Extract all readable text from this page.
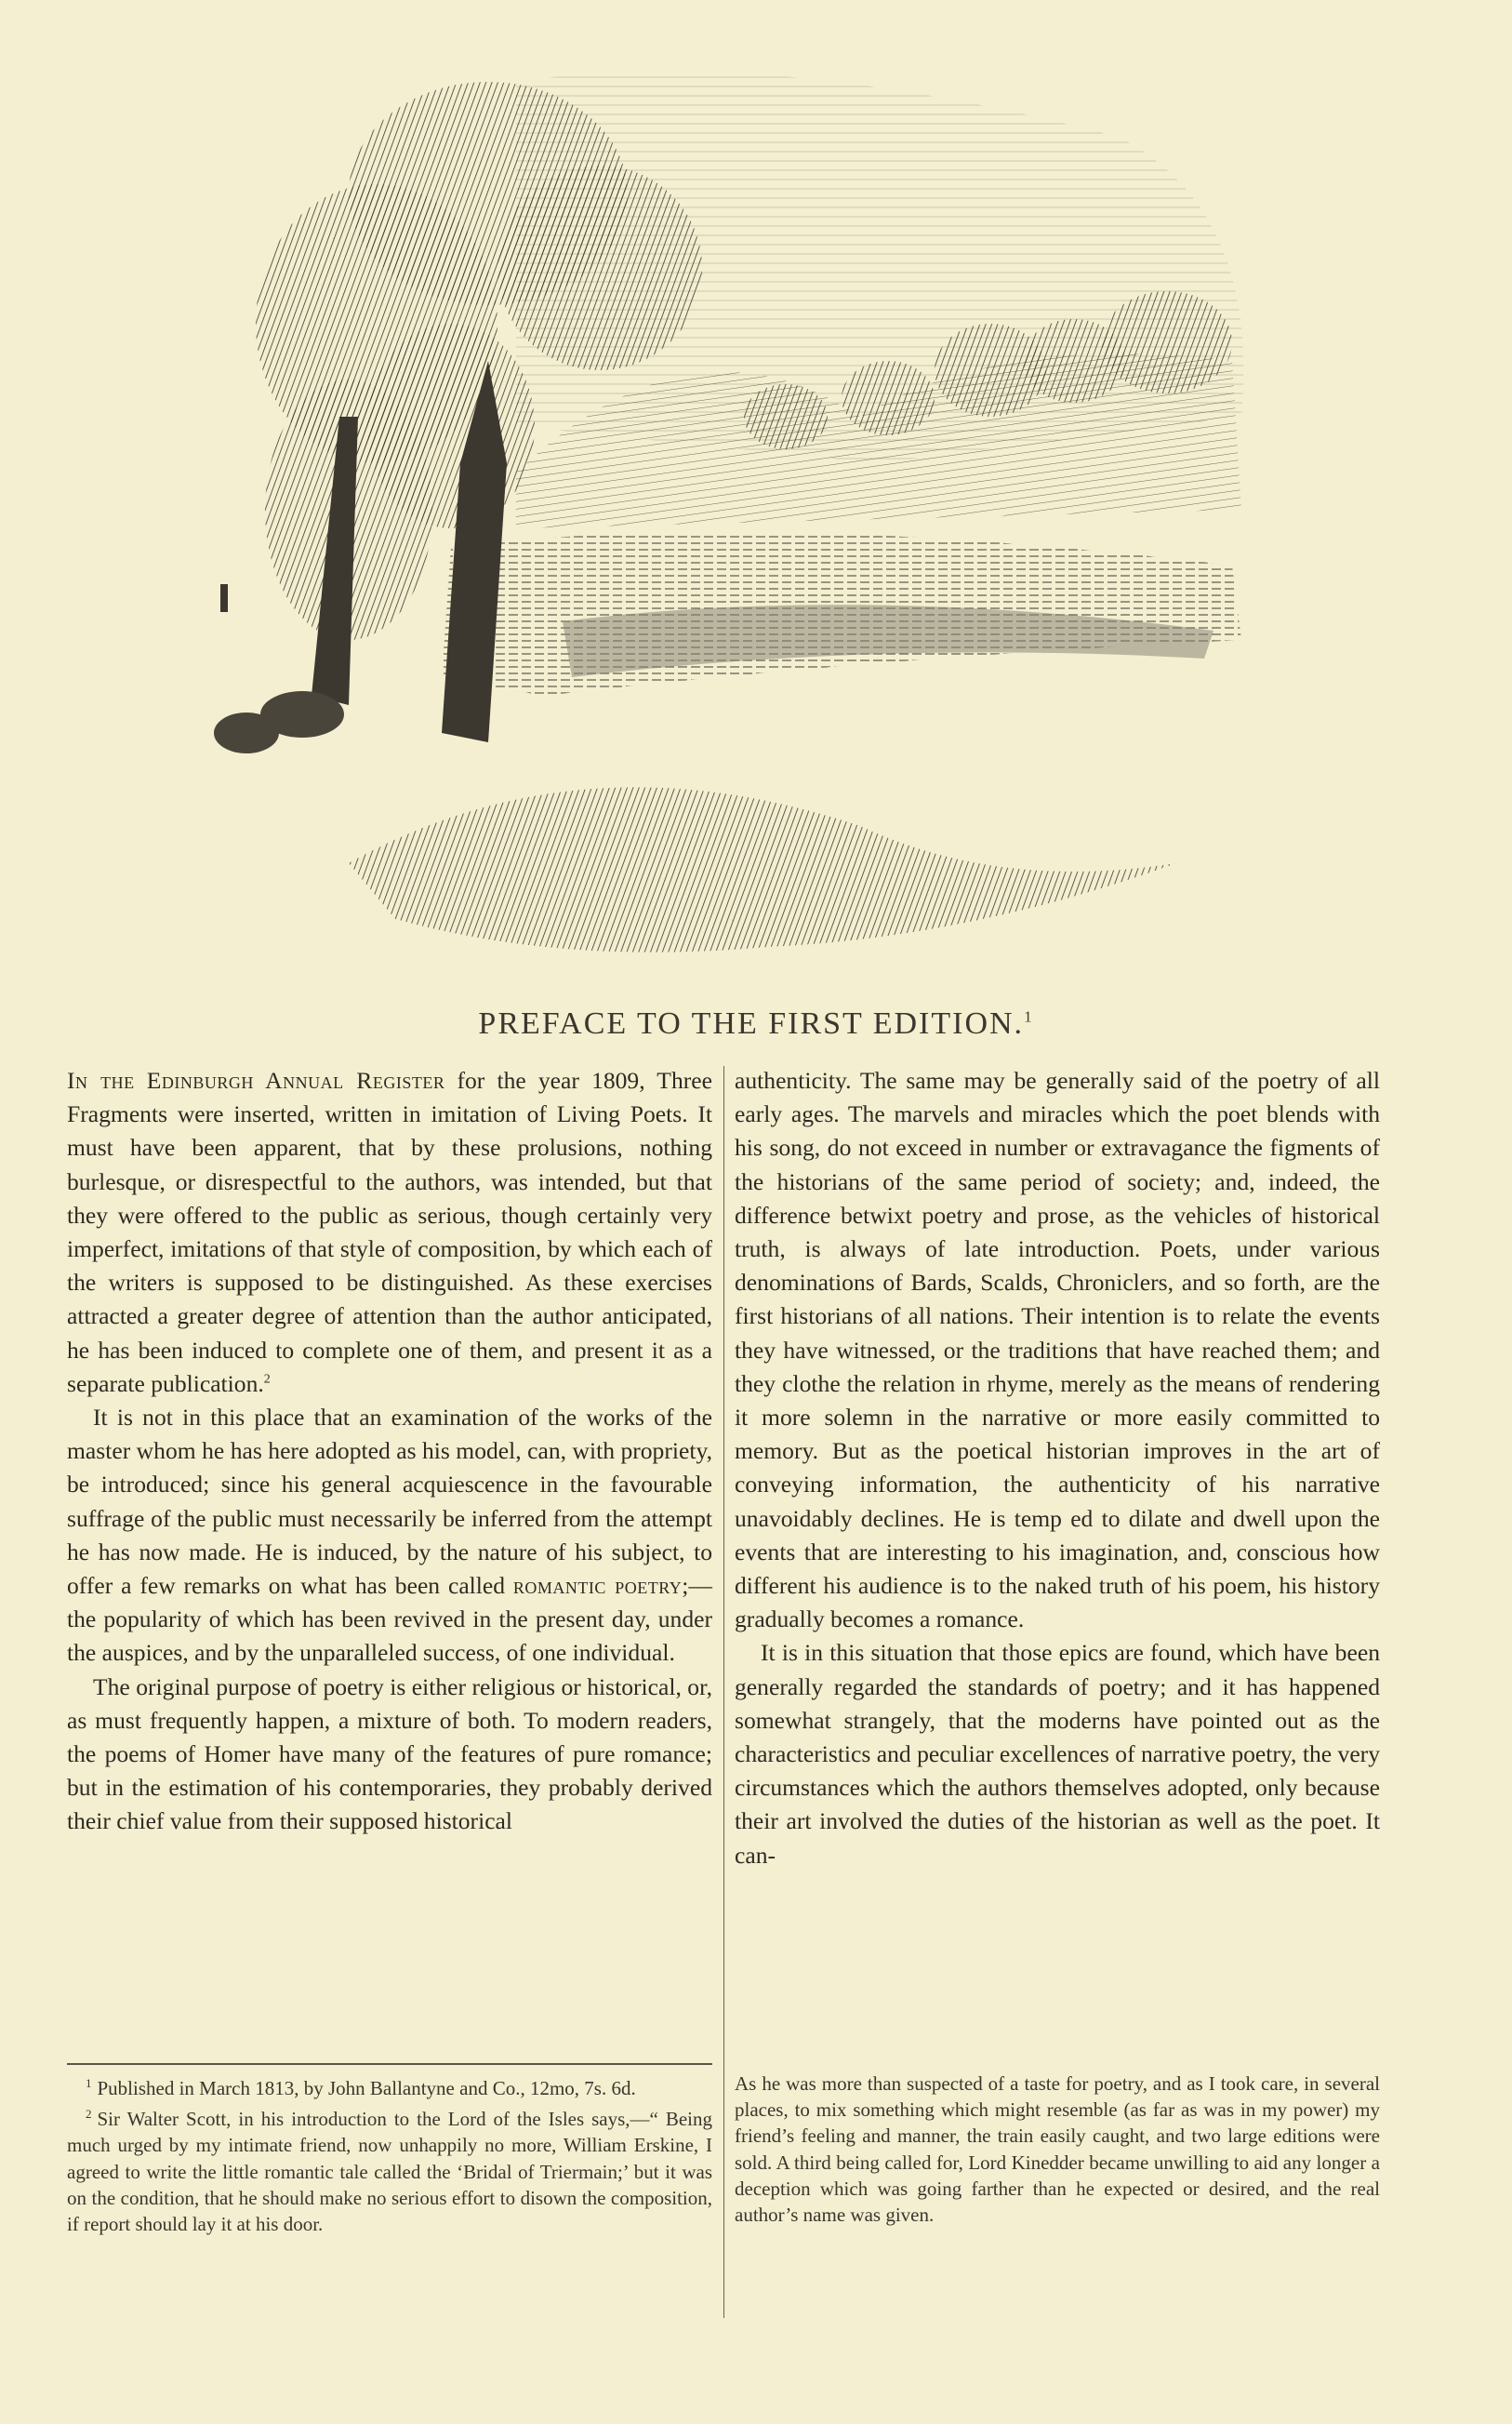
PREFACE TO THE FIRST EDITION.$^1$

In the Edinburgh Annual Register for the year 1809, Three Fragments were inserted, written in imitation of Living Poets. It must have been apparent, that by these prolusions, nothing burlesque, or disrespectful to the authors, was intended, but that they were offered to the public as serious, though certainly very imperfect, imitations of that style of composition, by which each of the writers is supposed to be distinguished. As these exercises attracted a greater degree of attention than the author anticipated, he has been induced to complete one of them, and present it as a separate publication.$^2$

It is not in this place that an examination of the works of the master whom he has here adopted as his model, can, with propriety, be introduced; since his general acquiescence in the favourable suffrage of the public must necessarily be inferred from the attempt he has now made. He is induced, by the nature of his subject, to offer a few remarks on what has been called romantic poetry;—the popularity of which has been revived in the present day, under the auspices, and by the unparalleled success, of one individual.

The original purpose of poetry is either religious or historical, or, as must frequently happen, a mixture of both. To modern readers, the poems of Homer have many of the features of pure romance; but in the estimation of his contemporaries, they probably derived their chief value from their supposed historical

authenticity. The same may be generally said of the poetry of all early ages. The marvels and miracles which the poet blends with his song, do not exceed in number or extravagance the figments of the historians of the same period of society; and, indeed, the difference betwixt poetry and prose, as the vehicles of historical truth, is always of late introduction. Poets, under various denominations of Bards, Scalds, Chroniclers, and so forth, are the first historians of all nations. Their intention is to relate the events they have witnessed, or the traditions that have reached them; and they clothe the relation in rhyme, merely as the means of rendering it more solemn in the narrative or more easily committed to memory. But as the poetical historian improves in the art of conveying information, the authenticity of his narrative unavoidably declines. He is temp ed to dilate and dwell upon the events that are interesting to his imagination, and, conscious how different his audience is to the naked truth of his poem, his history gradually becomes a romance.

It is in this situation that those epics are found, which have been generally regarded the standards of poetry; and it has happened somewhat strangely, that the moderns have pointed out as the characteristics and peculiar excellences of narrative poetry, the very circumstances which the authors themselves adopted, only because their art involved the duties of the historian as well as the poet. It can-

$^1$ Published in March 1813, by John Ballantyne and Co., 12mo, 7s. 6d.

$^2$ Sir Walter Scott, in his introduction to the Lord of the Isles says,—“ Being much urged by my intimate friend, now unhappily no more, William Erskine, I agreed to write the little romantic tale called the ‘Bridal of Triermain;’ but it was on the condition, that he should make no serious effort to disown the composition, if report should lay it at his door.

As he was more than suspected of a taste for poetry, and as I took care, in several places, to mix something which might resemble (as far as was in my power) my friend’s feeling and manner, the train easily caught, and two large editions were sold. A third being called for, Lord Kinedder became unwilling to aid any longer a deception which was going farther than he expected or desired, and the real author’s name was given.
